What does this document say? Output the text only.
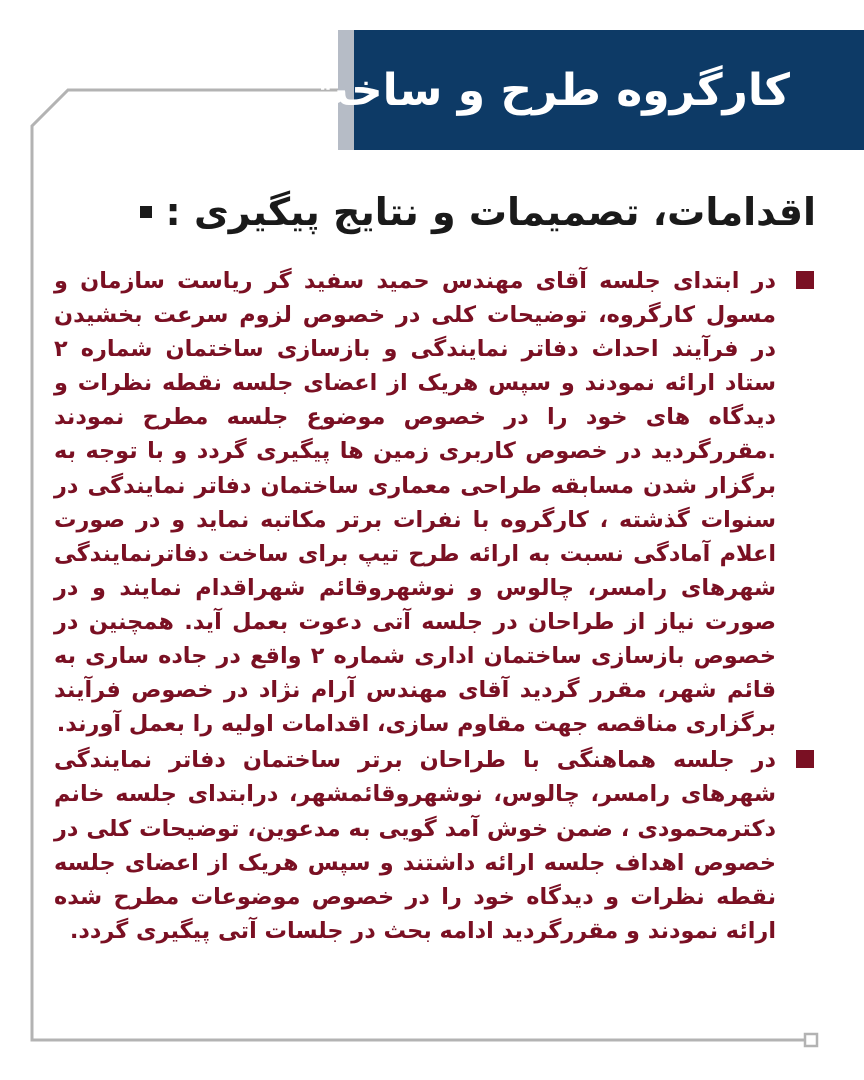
کارگروه طرح و ساخت
اقدامات، تصمیمات و نتایج پیگیری :
در ابتدای جلسه آقای مهندس حمید سفید گر ریاست سازمان و مسول کارگروه، توضیحات کلی در خصوص لزوم سرعت بخشیدن در فرآیند احداث دفاتر نمایندگی و بازسازی ساختمان شماره ۲ ستاد ارائه نمودند و سپس هریک از اعضای جلسه نقطه نظرات و دیدگاه های خود را در خصوص موضوع جلسه مطرح نمودند .مقررگردید در خصوص کاربری زمین ها پیگیری گردد و با توجه به برگزار شدن مسابقه طراحی معماری ساختمان دفاتر نمایندگی در سنوات گذشته ، کارگروه با نفرات برتر مکاتبه نماید و در صورت اعلام آمادگی نسبت به ارائه طرح تیپ برای ساخت دفاترنمایندگی شهرهای رامسر، چالوس و نوشهروقائم شهراقدام نمایند و در صورت نیاز از طراحان در جلسه آتی دعوت بعمل آید. همچنین در خصوص بازسازی ساختمان اداری شماره ۲ واقع در جاده ساری به قائم شهر، مقرر گردید آقای مهندس آرام نژاد در خصوص فرآیند برگزاری مناقصه جهت مقاوم سازی، اقدامات اولیه را بعمل آورند.
در جلسه هماهنگی با طراحان برتر ساختمان دفاتر نمایندگی شهرهای رامسر، چالوس، نوشهروقائمشهر، درابتدای جلسه خانم دکترمحمودی ، ضمن خوش آمد گویی به مدعوین، توضیحات کلی در خصوص اهداف جلسه ارائه داشتند و سپس هریک از اعضای جلسه نقطه نظرات و دیدگاه خود را در خصوص موضوعات مطرح شده ارائه نمودند و مقررگردید ادامه بحث در جلسات آتی پیگیری گردد.
